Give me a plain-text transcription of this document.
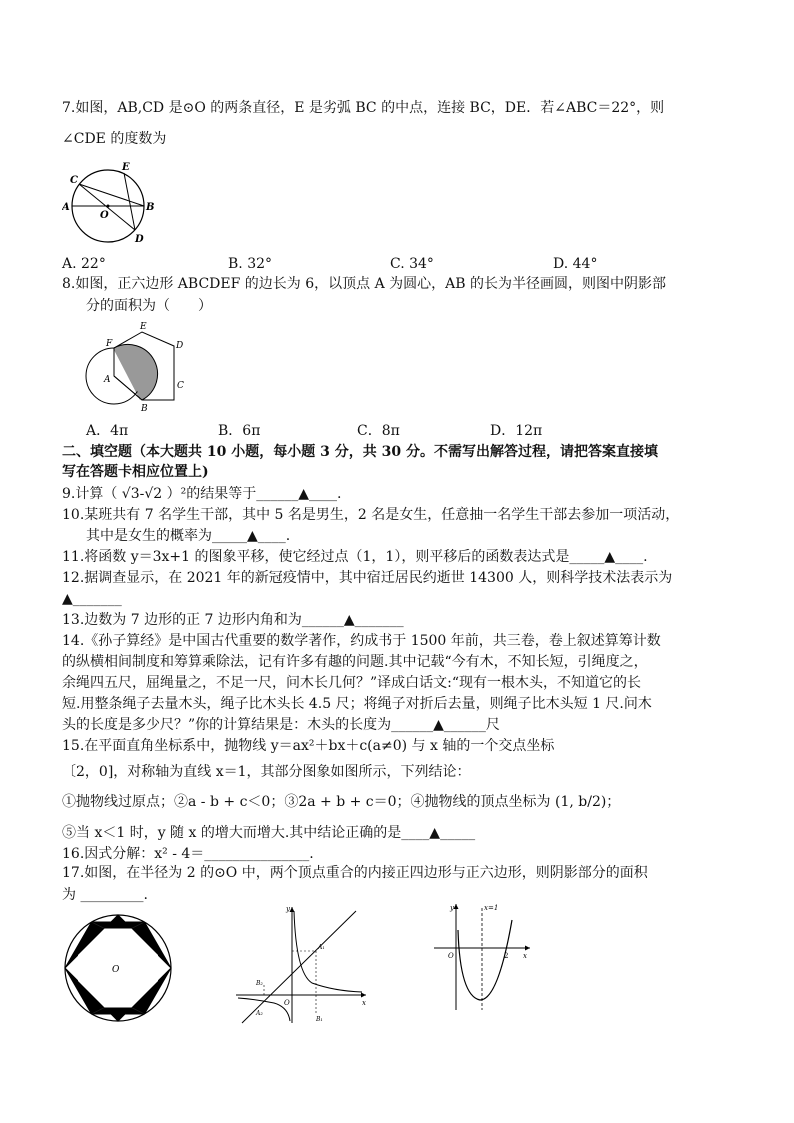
7.如图，AB,CD 是⊙O 的两条直径，E 是劣弧 BC 的中点，连接 BC，DE．若∠ABC＝22°，则
∠CDE 的度数为
A	B
C
D
E
O
A. 22°	B. 32°	C. 34°	D. 44°
8.如图，正六边形 ABCDEF 的边长为 6，以顶点 A 为圆心，AB 的长为半径画圆，则图中阴影部
分的面积为（　　）
A
B
C
D
E
F
A．4π	B．6π	C．8π	D．12π
二、填空题（本大题共 10 小题，每小题 3 分，共 30 分。不需写出解答过程，请把答案直接填
写在答题卡相应位置上)
9.计算（ √3-√2 ）²的结果等于______▲____.
10.某班共有 7 名学生干部，其中 5 名是男生，2 名是女生，任意抽一名学生干部去参加一项活动，
其中是女生的概率为_____▲____.
11.将函数 y＝3x+1 的图象平移，使它经过点（1，1），则平移后的函数表达式是_____▲____.
12.据调查显示，在 2021 年的新冠疫情中，其中宿迁居民约逝世 14300 人，则科学技术法表示为
▲_______
13.边数为 7 边形的正 7 边形内角和为______▲_______
14.《孙子算经》是中国古代重要的数学著作，约成书于 1500 年前，共三卷，卷上叙述算筹计数
的纵横相间制度和筹算乘除法，记有许多有趣的问题.其中记载“今有木，不知长短，引绳度之，
余绳四五尺，屈绳量之，不足一尺，问木长几何？”译成白话文:“现有一根木头，不知道它的长
短.用整条绳子去量木头，绳子比木头长 4.5 尺；将绳子对折后去量，则绳子比木头短 1 尺.问木
头的长度是多少尺？”你的计算结果是：木头的长度为______▲______尺
15.在平面直角坐标系中，抛物线 y＝ax²＋bx＋c(a≠0) 与 x 轴的一个交点坐标
〔2，0]，对称轴为直线 x＝1，其部分图象如图所示，下列结论：
①抛物线过原点；②a - b + c＜0；③2a + b + c＝0；④抛物线的顶点坐标为 (1, b/2)；
⑤当 x＜1 时，y 随 x 的增大而增大.其中结论正确的是____▲_____
16.因式分解：x² - 4＝_______________.
17.如图，在半径为 2 的⊙O 中，两个顶点重合的内接正四边形与正六边形，则阴影部分的面积
为 _________.
O
y
x
O
A₁
A₂
B₁
B₂
y
x
O
x=1
2
